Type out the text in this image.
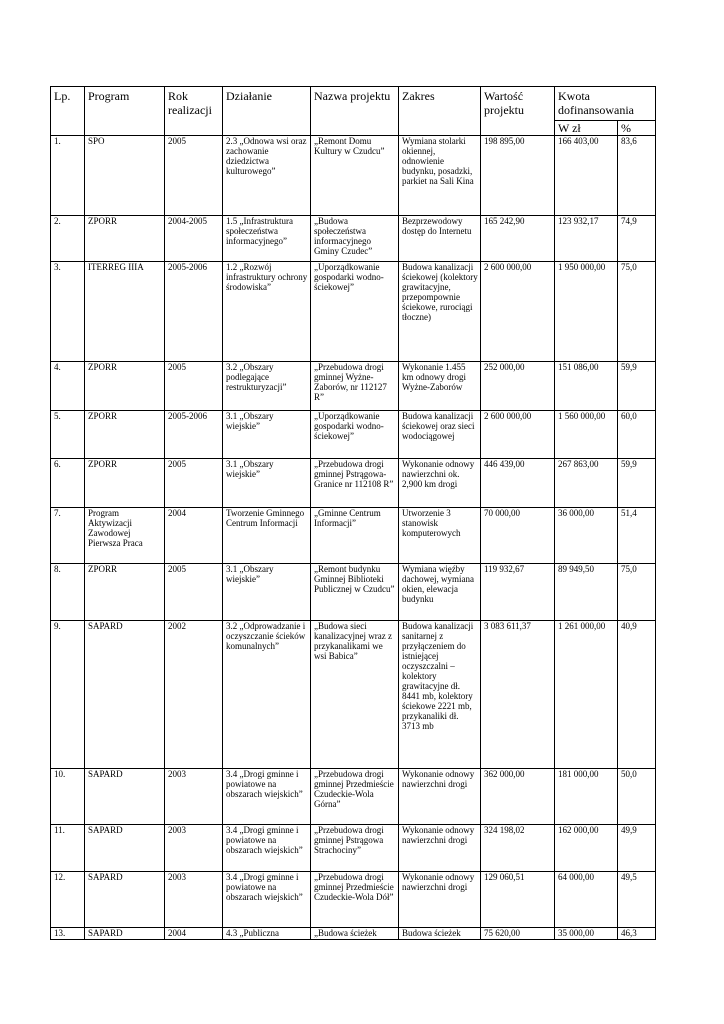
Lp.	Program	Rok realizacji	Działanie	Nazwa projektu	Zakres	Wartość projektu	Kwota dofinansowania	
							W zł	%
1.	SPO	2005	2.3 „Odnowa wsi oraz zachowanie dziedzictwa kulturowego”	„Remont Domu Kultury w Czudcu”	Wymiana stolarki okiennej, odnowienie budynku, posadzki, parkiet na Sali Kina	198 895,00	166 403,00	83,6
2.	ZPORR	2004-2005	1.5 „Infrastruktura społeczeństwa informacyjnego”	„Budowa społeczeństwa informacyjnego Gminy Czudec”	Bezprzewodowy dostęp do Internetu	165 242,90	123 932,17	74,9
3.	ITERREG IIIA	2005-2006	1.2 „Rozwój infrastruktury ochrony środowiska”	„Uporządkowanie gospodarki wodno-ściekowej”	Budowa kanalizacji ściekowej (kolektory grawitacyjne, przepompownie ściekowe, rurociągi tłoczne)	2 600 000,00	1 950 000,00	75,0
4.	ZPORR	2005	3.2 „Obszary podlegające restrukturyzacji”	„Przebudowa drogi gminnej Wyżne-Zaborów, nr 112127 R”	Wykonanie 1.455 km odnowy drogi Wyżne-Zaborów	252 000,00	151 086,00	59,9
5.	ZPORR	2005-2006	3.1 „Obszary wiejskie”	„Uporządkowanie gospodarki wodno-ściekowej”	Budowa kanalizacji ściekowej oraz sieci wodociągowej	2 600 000,00	1 560 000,00	60,0
6.	ZPORR	2005	3.1 „Obszary wiejskie”	„Przebudowa drogi gminnej Pstrągowa-Granice nr 112108 R”	Wykonanie odnowy nawierzchni ok. 2,900 km drogi	446 439,00	267 863,00	59,9
7.	Program Aktywizacji Zawodowej Pierwsza Praca	2004	Tworzenie Gminnego Centrum Informacji	„Gminne Centrum Informacji”	Utworzenie 3 stanowisk komputerowych	70 000,00	36 000,00	51,4
8.	ZPORR	2005	3.1 „Obszary wiejskie”	„Remont budynku Gminnej Biblioteki Publicznej w Czudcu”	Wymiana więźby dachowej, wymiana okien, elewacja budynku	119 932,67	89 949,50	75,0
9.	SAPARD	2002	3.2 „Odprowadzanie i oczyszczanie ścieków komunalnych”	„Budowa sieci kanalizacyjnej wraz z przykanalikami we wsi Babica”	Budowa kanalizacji sanitarnej z przyłączeniem do istniejącej oczyszczalni – kolektory grawitacyjne dł. 8441 mb, kolektory ściekowe 2221 mb, przykanaliki dł. 3713 mb	3 083 611,37	1 261 000,00	40,9
10.	SAPARD	2003	3.4 „Drogi gminne i powiatowe na obszarach wiejskich”	„Przebudowa drogi gminnej Przedmieście Czudeckie-Wola Górna”	Wykonanie odnowy nawierzchni drogi	362 000,00	181 000,00	50,0
11.	SAPARD	2003	3.4 „Drogi gminne i powiatowe na obszarach wiejskich”	„Przebudowa drogi gminnej Pstrągowa Strachociny”	Wykonanie odnowy nawierzchni drogi	324 198,02	162 000,00	49,9
12.	SAPARD	2003	3.4 „Drogi gminne i powiatowe na obszarach wiejskich”	„Przebudowa drogi gminnej Przedmieście Czudeckie-Wola Dół”	Wykonanie odnowy nawierzchni drogi	129 060,51	64 000,00	49,5
13.	SAPARD	2004	4.3 „Publiczna	„Budowa ścieżek	Budowa ścieżek	75 620,00	35 000,00	46,3
